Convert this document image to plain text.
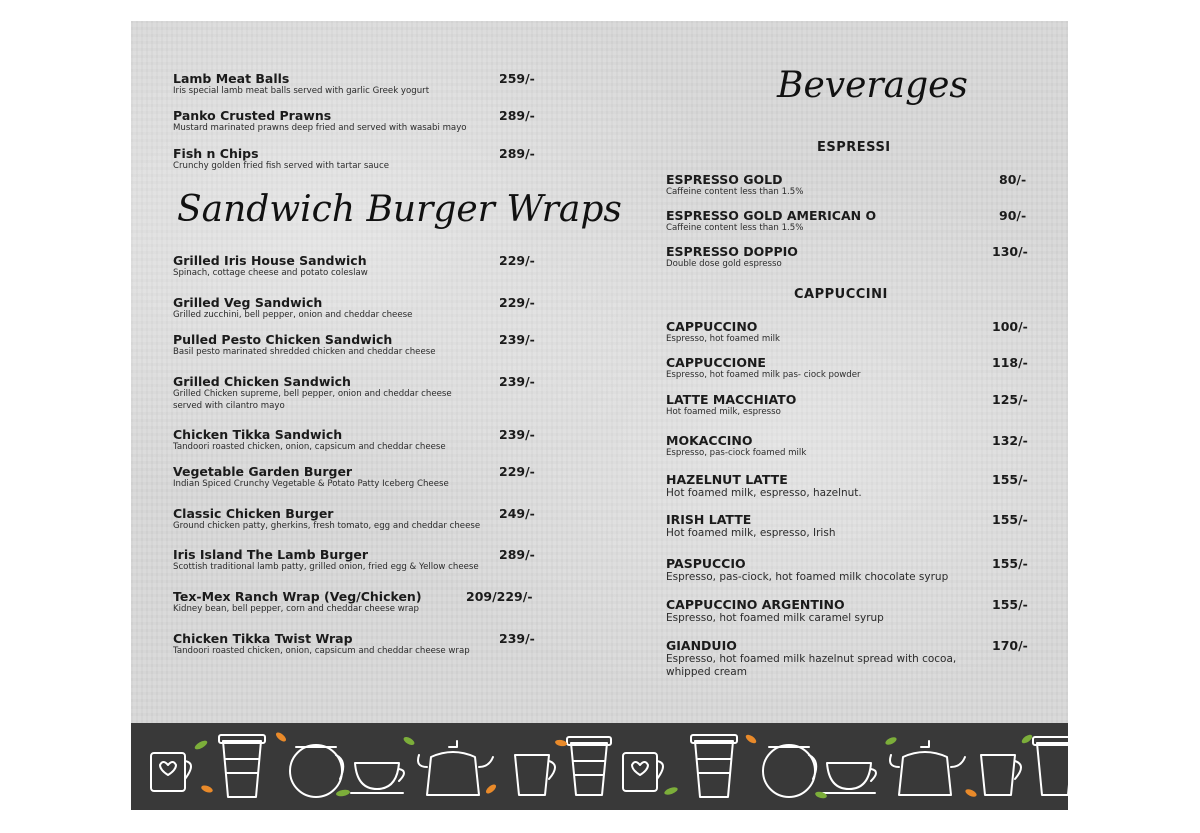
Lamb Meat Balls
Iris special lamb meat balls served with garlic Greek yogurt
259/-
Panko Crusted Prawns
Mustard marinated prawns deep fried and served with wasabi mayo
289/-
Fish n Chips
Crunchy golden fried fish served with tartar sauce
289/-
Sandwich Burger Wraps
Grilled Iris House Sandwich
Spinach, cottage cheese and potato coleslaw
229/-
Grilled Veg Sandwich
Grilled zucchini, bell pepper, onion and cheddar cheese
229/-
Pulled Pesto Chicken Sandwich
Basil pesto marinated shredded chicken and cheddar cheese
239/-
Grilled Chicken Sandwich
Grilled Chicken supreme, bell pepper, onion and cheddar cheese
served with cilantro mayo
239/-
Chicken Tikka Sandwich
Tandoori roasted chicken, onion, capsicum and cheddar cheese
239/-
Vegetable Garden Burger
Indian Spiced Crunchy Vegetable & Potato Patty Iceberg Cheese
229/-
Classic Chicken Burger
Ground chicken patty, gherkins, fresh tomato, egg and cheddar cheese
249/-
Iris Island The Lamb Burger
Scottish traditional lamb patty, grilled onion, fried egg & Yellow cheese
289/-
Tex-Mex Ranch Wrap (Veg/Chicken)
Kidney bean, bell pepper, corn and cheddar cheese wrap
209/229/-
Chicken Tikka Twist Wrap
Tandoori roasted chicken, onion, capsicum and cheddar cheese wrap
239/-
Beverages
ESPRESSI
ESPRESSO GOLD
Caffeine content less than 1.5%
80/-
ESPRESSO GOLD AMERICAN O
Caffeine content less than 1.5%
90/-
ESPRESSO DOPPIO
Double dose gold espresso
130/-
CAPPUCCINI
CAPPUCCINO
Espresso, hot foamed milk
100/-
CAPPUCCIONE
Espresso, hot foamed milk pas- ciock powder
118/-
LATTE MACCHIATO
Hot foamed milk, espresso
125/-
MOKACCINO
Espresso, pas-ciock foamed milk
132/-
HAZELNUT LATTE
Hot foamed milk, espresso, hazelnut.
155/-
IRISH LATTE
Hot foamed milk, espresso, Irish
155/-
PASPUCCIO
Espresso, pas-ciock, hot foamed milk chocolate syrup
155/-
CAPPUCCINO ARGENTINO
Espresso, hot foamed milk caramel syrup
155/-
GIANDUIO
Espresso, hot foamed milk hazelnut spread with cocoa,
whipped cream
170/-
